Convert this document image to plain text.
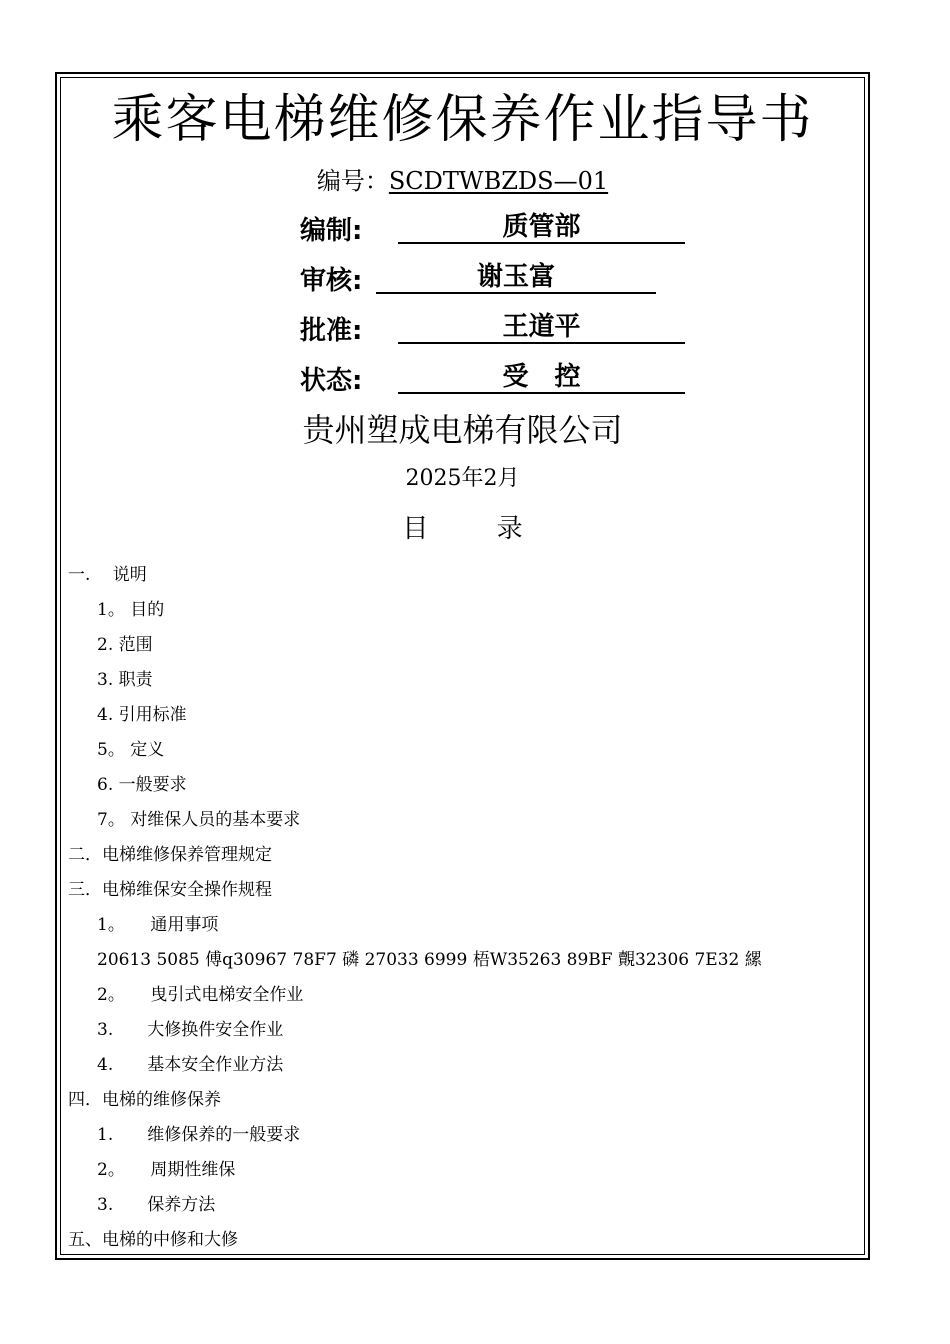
乘客电梯维修保养作业指导书
编号：SCDTWBZDS—01
编制:	质管部
审核:	谢玉富
批准:	王道平
状态:	受　控
贵州塑成电梯有限公司
2025年2月
目 录
一.　 说明
1。 目的
2. 范围
3. 职责
4. 引用标准
5。 定义
6. 一般要求
7。 对维保人员的基本要求
二．电梯维修保养管理规定
三．电梯维保安全操作规程
1。　　通用事项
20613 5085 傅q30967 78F7 磷 27033 6999 梧W35263 89BF 覿32306 7E32 縲
2。　　曳引式电梯安全作业
3.　　大修换件安全作业
4.　　基本安全作业方法
四．电梯的维修保养
1.　　维修保养的一般要求
2。　　周期性维保
3.　　保养方法
五、电梯的中修和大修
